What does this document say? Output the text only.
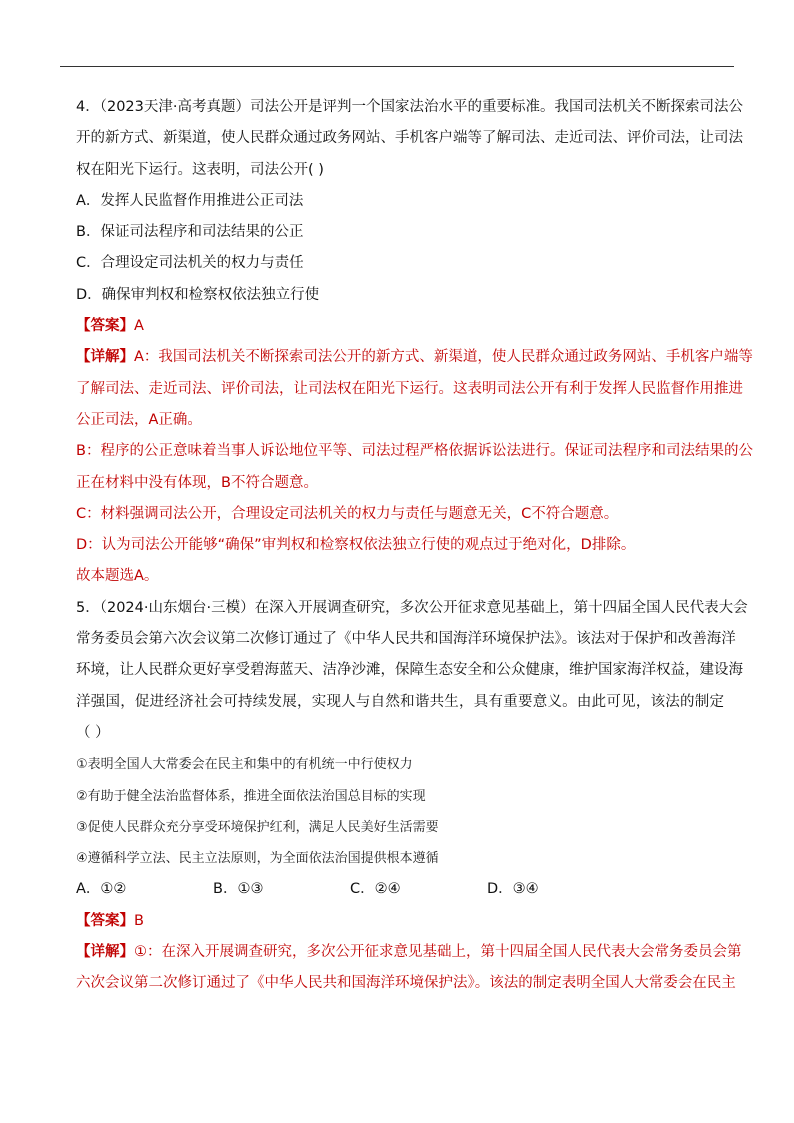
4．（2023天津·高考真题）司法公开是评判一个国家法治水平的重要标准。我国司法机关不断探索司法公
开的新方式、新渠道，使人民群众通过政务网站、手机客户端等了解司法、走近司法、评价司法，让司法
权在阳光下运行。这表明，司法公开( )
A．发挥人民监督作用推进公正司法
B．保证司法程序和司法结果的公正
C．合理设定司法机关的权力与责任
D．确保审判权和检察权依法独立行使
【答案】A
【详解】A：我国司法机关不断探索司法公开的新方式、新渠道，使人民群众通过政务网站、手机客户端等
了解司法、走近司法、评价司法，让司法权在阳光下运行。这表明司法公开有利于发挥人民监督作用推进
公正司法，A正确。
B：程序的公正意味着当事人诉讼地位平等、司法过程严格依据诉讼法进行。保证司法程序和司法结果的公
正在材料中没有体现，B不符合题意。
C：材料强调司法公开，合理设定司法机关的权力与责任与题意无关，C不符合题意。
D：认为司法公开能够“确保”审判权和检察权依法独立行使的观点过于绝对化，D排除。
故本题选A。
5．（2024·山东烟台·三模）在深入开展调查研究，多次公开征求意见基础上，第十四届全国人民代表大会
常务委员会第六次会议第二次修订通过了《中华人民共和国海洋环境保护法》。该法对于保护和改善海洋
环境，让人民群众更好享受碧海蓝天、洁净沙滩，保障生态安全和公众健康，维护国家海洋权益，建设海
洋强国，促进经济社会可持续发展，实现人与自然和谐共生，具有重要意义。由此可见，该法的制定
（ ）
①表明全国人大常委会在民主和集中的有机统一中行使权力
②有助于健全法治监督体系，推进全面依法治国总目标的实现
③促使人民群众充分享受环境保护红利，满足人民美好生活需要
④遵循科学立法、民主立法原则，为全面依法治国提供根本遵循
A．①②	B．①③	C．②④	D．③④
【答案】B
【详解】①：在深入开展调查研究，多次公开征求意见基础上，第十四届全国人民代表大会常务委员会第
六次会议第二次修订通过了《中华人民共和国海洋环境保护法》。该法的制定表明全国人大常委会在民主
